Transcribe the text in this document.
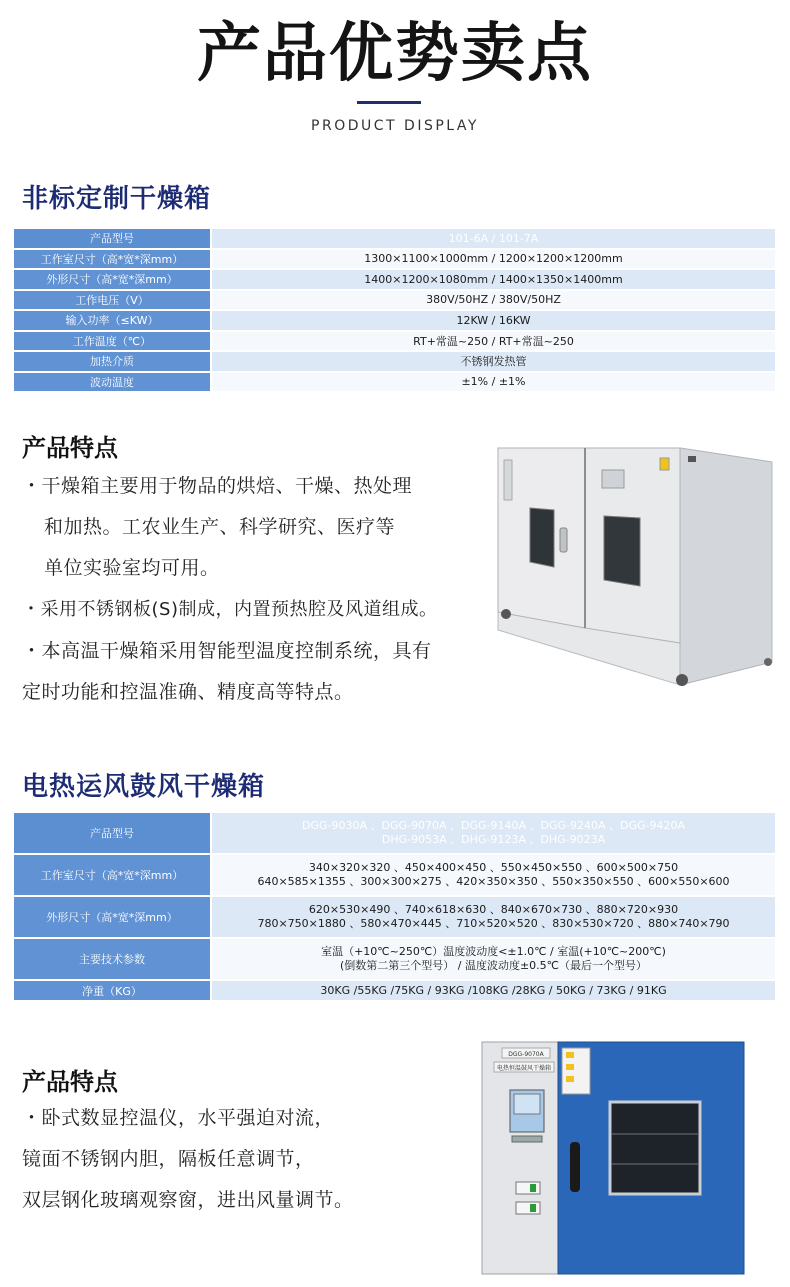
产品优势卖点
PRODUCT DISPLAY
非标定制干燥箱
产品型号	101-6A / 101-7A
工作室尺寸（高*宽*深mm）	1300×1100×1000mm / 1200×1200×1200mm
外形尺寸（高*宽*深mm）	1400×1200×1080mm / 1400×1350×1400mm
工作电压（V）	380V/50HZ / 380V/50HZ
输入功率（≤KW）	12KW / 16KW
工作温度（℃）	RT+常温~250 / RT+常温~250
加热介质	不锈钢发热管
波动温度	±1% / ±1%
产品特点
・干燥箱主要用于物品的烘焙、干燥、热处理
和加热。工农业生产、科学研究、医疗等
单位实验室均可用。
・采用不锈钢板(S)制成，内置预热腔及风道组成。
・本高温干燥箱采用智能型温度控制系统，具有
定时功能和控温准确、精度高等特点。
电热运风鼓风干燥箱
产品型号	DGG-9030A 、DGG-9070A 、DGG-9140A 、DGG-9240A 、DGG-9420A
DHG-9053A 、DHG-9123A 、DHG-9023A

工作室尺寸（高*宽*深mm）	340×320×320 、450×400×450 、550×450×550 、600×500×750
640×585×1355 、300×300×275 、420×350×350 、550×350×550 、600×550×600

外形尺寸（高*宽*深mm）	620×530×490 、740×618×630 、840×670×730 、880×720×930
780×750×1880 、580×470×445 、710×520×520 、830×530×720 、880×740×790

主要技术参数	室温（+10℃~250℃）温度波动度<±1.0℃ / 室温(+10℃~200℃)
(倒数第二第三个型号） / 温度波动度±0.5℃（最后一个型号）

净重（KG）	30KG /55KG /75KG / 93KG /108KG /28KG / 50KG / 73KG / 91KG
产品特点
・卧式数显控温仪，水平强迫对流，
镜面不锈钢内胆，隔板任意调节，
双层钢化玻璃观察窗，进出风量调节。
DGG-9070A
电热恒温鼓风干燥箱
